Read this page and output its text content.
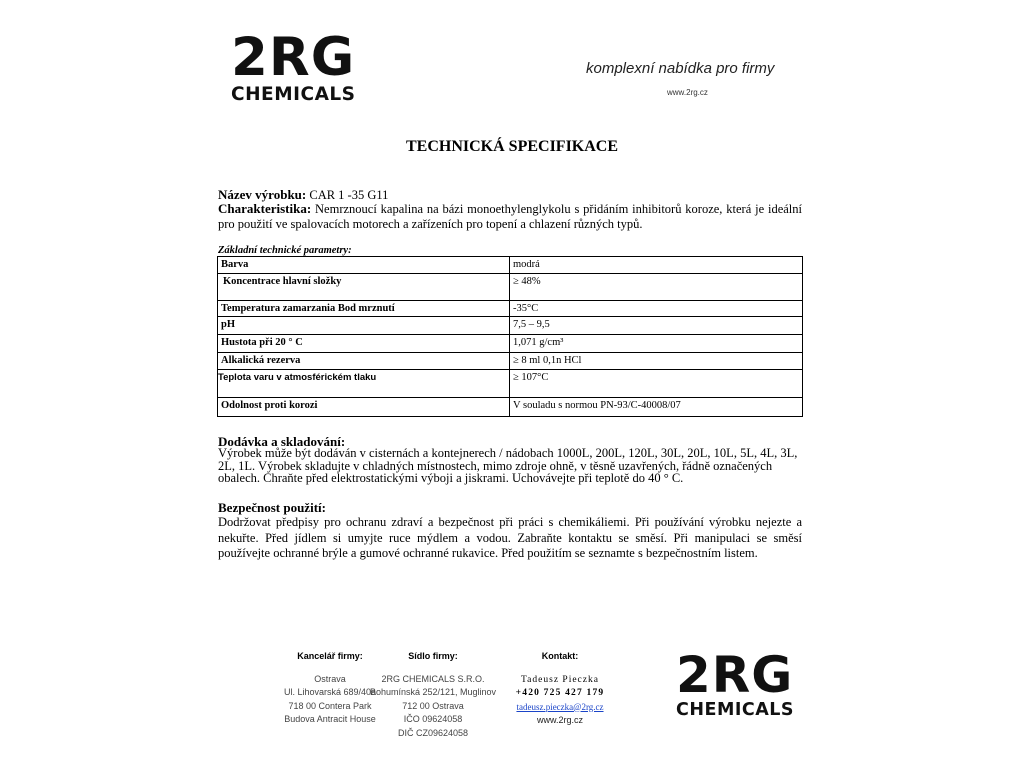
2RG
CHEMICALS
komplexní nabídka pro firmy
www.2rg.cz
TECHNICKÁ SPECIFIKACE
Název výrobku: CAR 1 -35 G11
Charakteristika: Nemrznoucí kapalina na bázi monoethylenglykolu s přidáním inhibitorů koroze, která je ideální pro použití ve spalovacích motorech a zařízeních pro topení a chlazení různých typů.
Základní technické parametry:
Barva	modrá
Koncentrace hlavní složky	≥ 48%
Temperatura zamarzania Bod mrznutí	-35°C
pH	7,5 – 9,5
Hustota při 20 ° C	1,071 g/cm³
Alkalická rezerva	≥ 8 ml 0,1n HCl
Teplota varu v atmosférickém tlaku	≥ 107°C
Odolnost proti korozi	V souladu s normou PN-93/C-40008/07
Dodávka a skladování:
Výrobek může být dodáván v cisternách a kontejnerech / nádobach 1000L, 200L, 120L, 30L, 20L, 10L, 5L, 4L, 3L, 2L, 1L. Výrobek skladujte v chladných místnostech, mimo zdroje ohně, v těsně uzavřených, řádně označených obalech. Chraňte před elektrostatickými výboji a jiskrami. Uchovávejte při teplotě do 40 ° C.
Bezpečnost použití:
Dodržovat předpisy pro ochranu zdraví a bezpečnost při práci s chemikáliemi. Při používání výrobku nejezte a nekuřte. Před jídlem si umyjte ruce mýdlem a vodou. Zabraňte kontaktu se směsí. Při manipulaci se směsí používejte ochranné brýle a gumové ochranné rukavice. Před použitím se seznamte s bezpečnostním listem.
Kancelář firmy:
Ostrava
Ul. Lihovarská 689/40a
718 00 Contera Park
Budova Antracit House
Sídlo firmy:
2RG CHEMICALS S.R.O.
Bohumínská 252/121, Muglinov
712 00 Ostrava
IČO 09624058
DIČ CZ09624058
Kontakt:
Tadeusz Pieczka
+420 725 427 179
tadeusz.pieczka@2rg.cz
www.2rg.cz
2RG
CHEMICALS
